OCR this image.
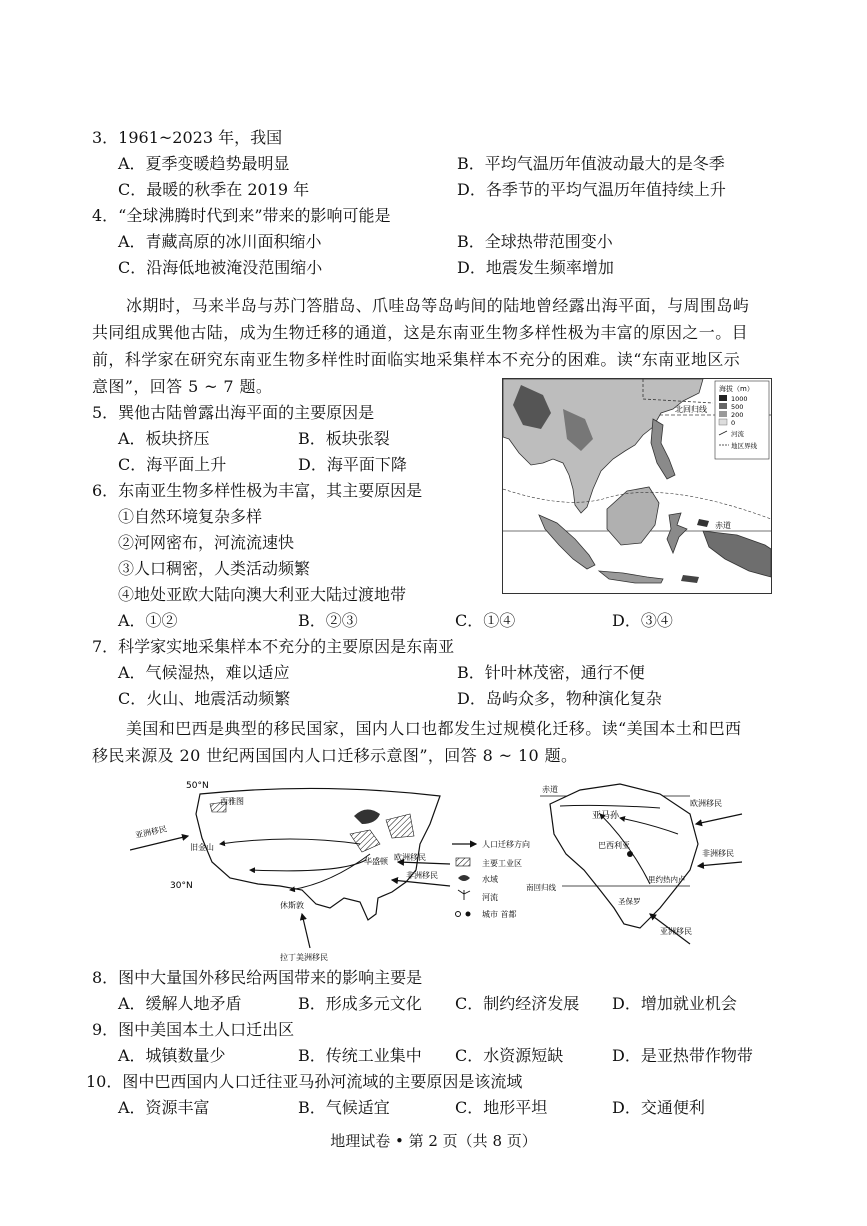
3．1961~2023 年，我国
A．夏季变暖趋势最明显	B．平均气温历年值波动最大的是冬季
C．最暖的秋季在 2019 年	D．各季节的平均气温历年值持续上升
4．“全球沸腾时代到来”带来的影响可能是
A．青藏高原的冰川面积缩小	B．全球热带范围变小
C．沿海低地被淹没范围缩小	D．地震发生频率增加
冰期时，马来半岛与苏门答腊岛、爪哇岛等岛屿间的陆地曾经露出海平面，与周围岛屿
共同组成巽他古陆，成为生物迁移的通道，这是东南亚生物多样性极为丰富的原因之一。目
前，科学家在研究东南亚生物多样性时面临实地采集样本不充分的困难。读“东南亚地区示
意图”，回答 5 ~ 7 题。
5．巽他古陆曾露出海平面的主要原因是
A．板块挤压	B．板块张裂
C．海平面上升	D．海平面下降
6．东南亚生物多样性极为丰富，其主要原因是
①自然环境复杂多样
②河网密布，河流流速快
③人口稠密，人类活动频繁
④地处亚欧大陆向澳大利亚大陆过渡地带
A．①②	B．②③	C．①④	D．③④
7．科学家实地采集样本不充分的主要原因是东南亚
A．气候湿热，难以适应	B．针叶林茂密，通行不便
C．火山、地震活动频繁	D．岛屿众多，物种演化复杂
北回归线
赤道
海拔（m）
1000
500
200
0
河流
地区界线
美国和巴西是典型的移民国家，国内人口也都发生过规模化迁移。读“美国本土和巴西
移民来源及 20 世纪两国国内人口迁移示意图”，回答 8 ~ 10 题。
50°N
30°N
西雅图
旧金山
华盛顿
休斯敦
亚洲移民
欧洲移民
非洲移民
拉丁美洲移民
人口迁移方向
主要工业区
水域
河流
城市 首都
赤道
亚马孙
巴西利亚
南回归线
里约热内卢
圣保罗
欧洲移民
非洲移民
亚洲移民
8．图中大量国外移民给两国带来的影响主要是
A．缓解人地矛盾	B．形成多元文化 C．制约经济发展 D．增加就业机会
9．图中美国本土人口迁出区
A．城镇数量少	B．传统工业集中 C．水资源短缺	D．是亚热带作物带
10．图中巴西国内人口迁往亚马孙河流域的主要原因是该流域
A．资源丰富	B．气候适宜	C．地形平坦	D．交通便利
地理试卷 • 第 2 页（共 8 页）
